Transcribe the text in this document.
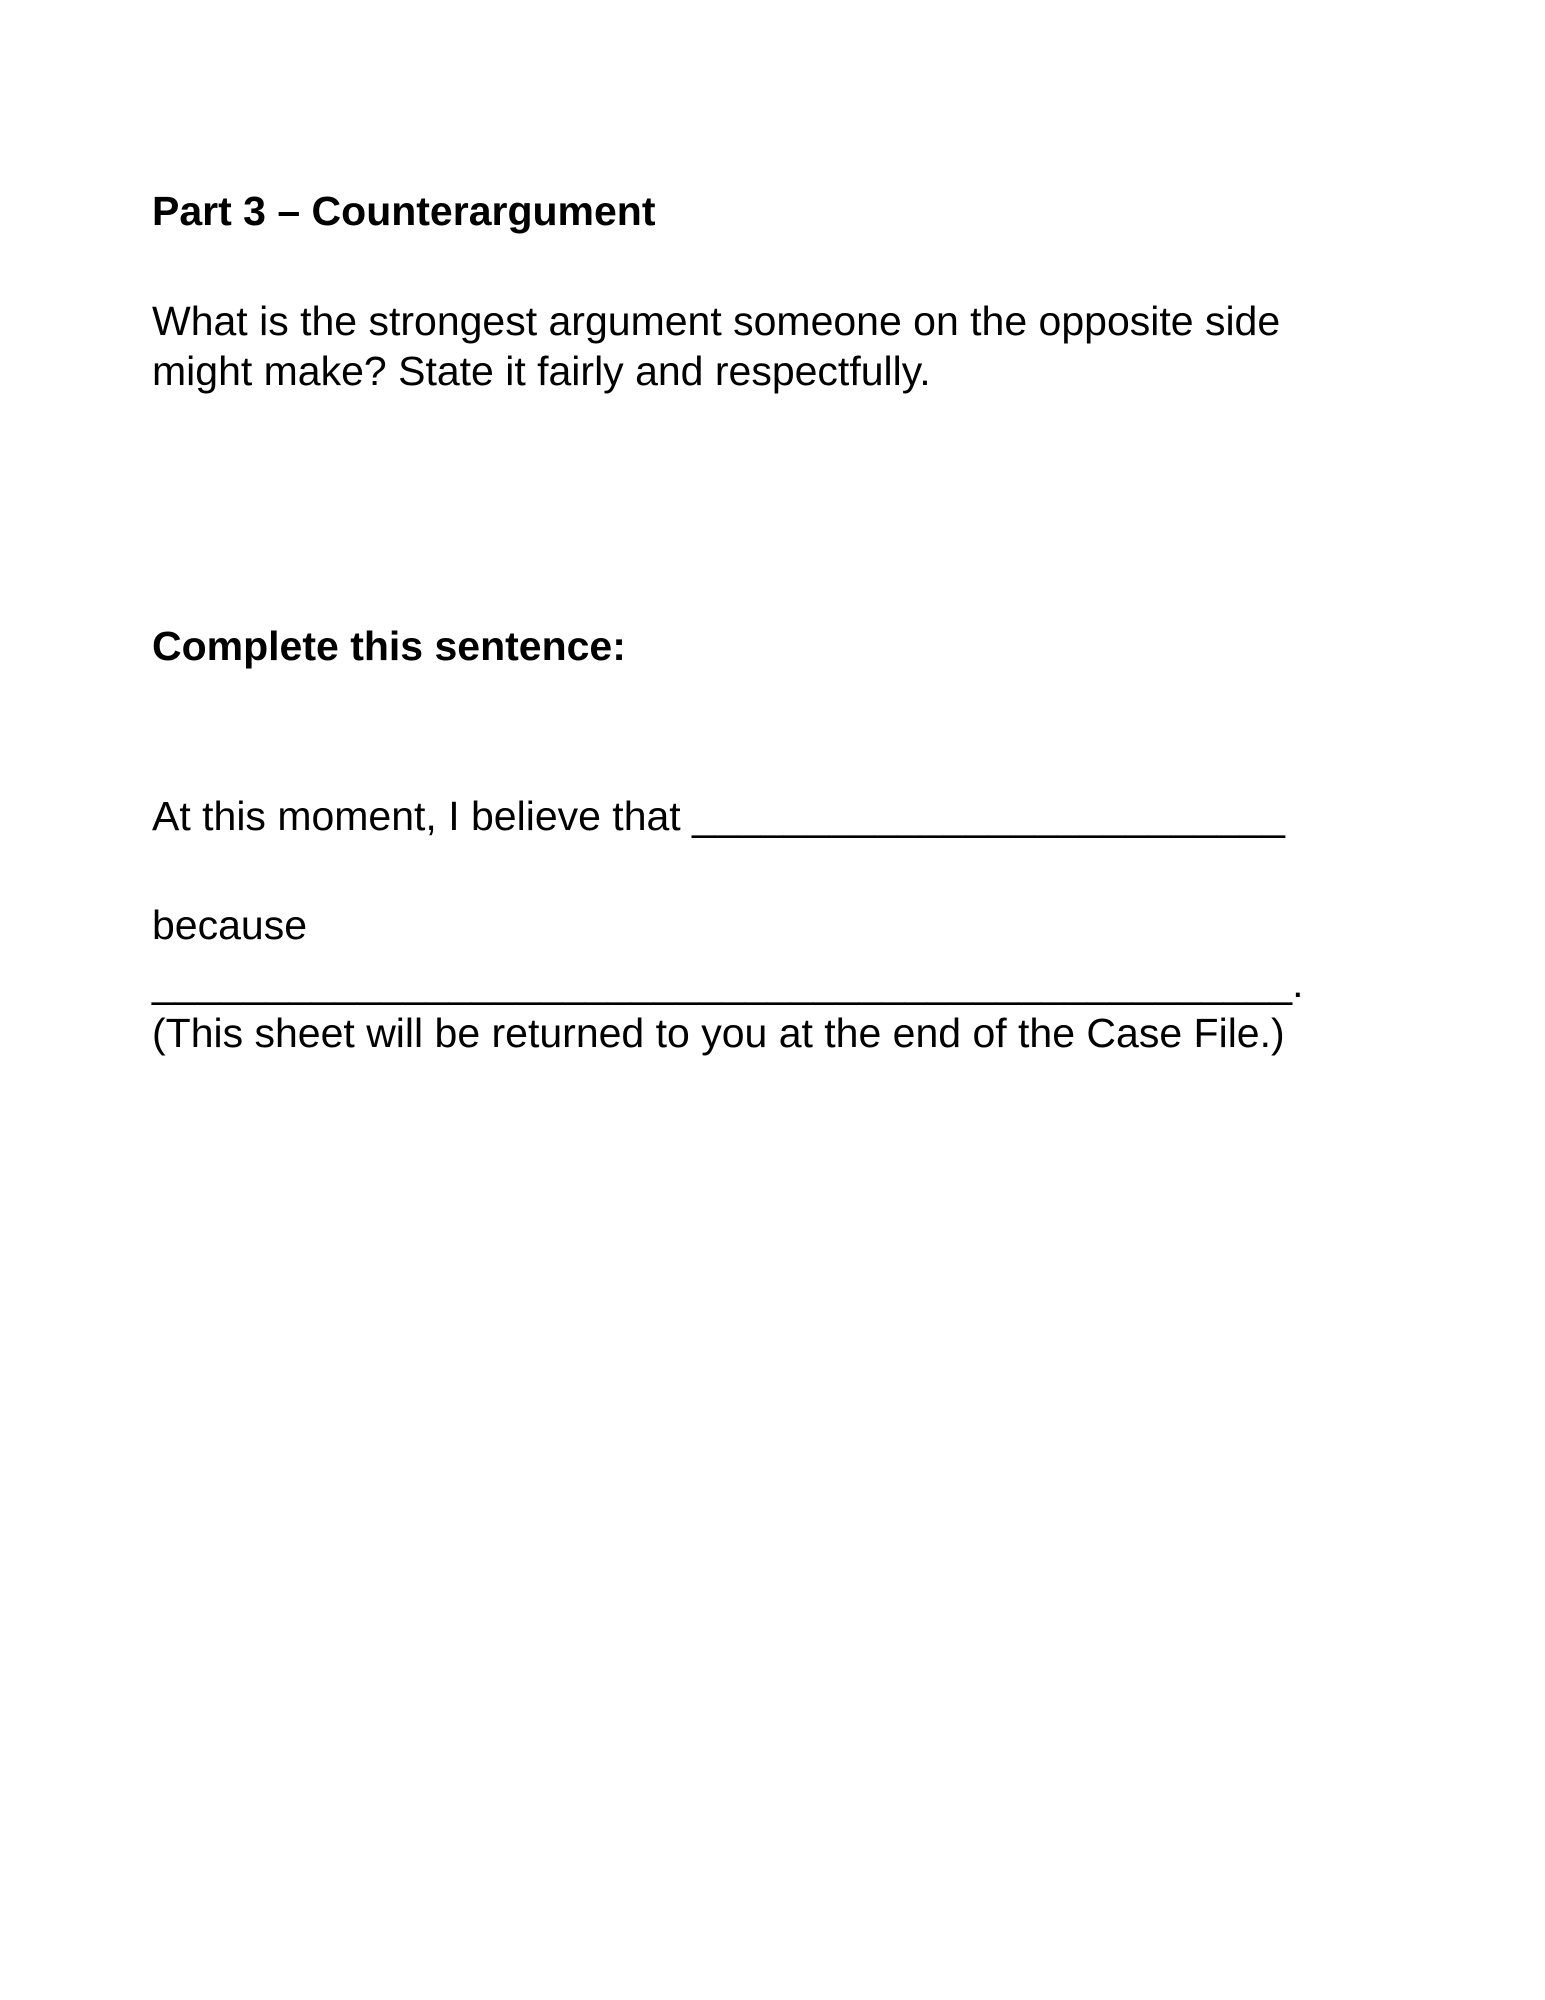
Part 3 – Counterargument

What is the strongest argument someone on the opposite side
might make? State it fairly and respectfully.

Complete this sentence:

At this moment, I believe that __________________________

because

__________________________________________________.

(This sheet will be returned to you at the end of the Case File.)
